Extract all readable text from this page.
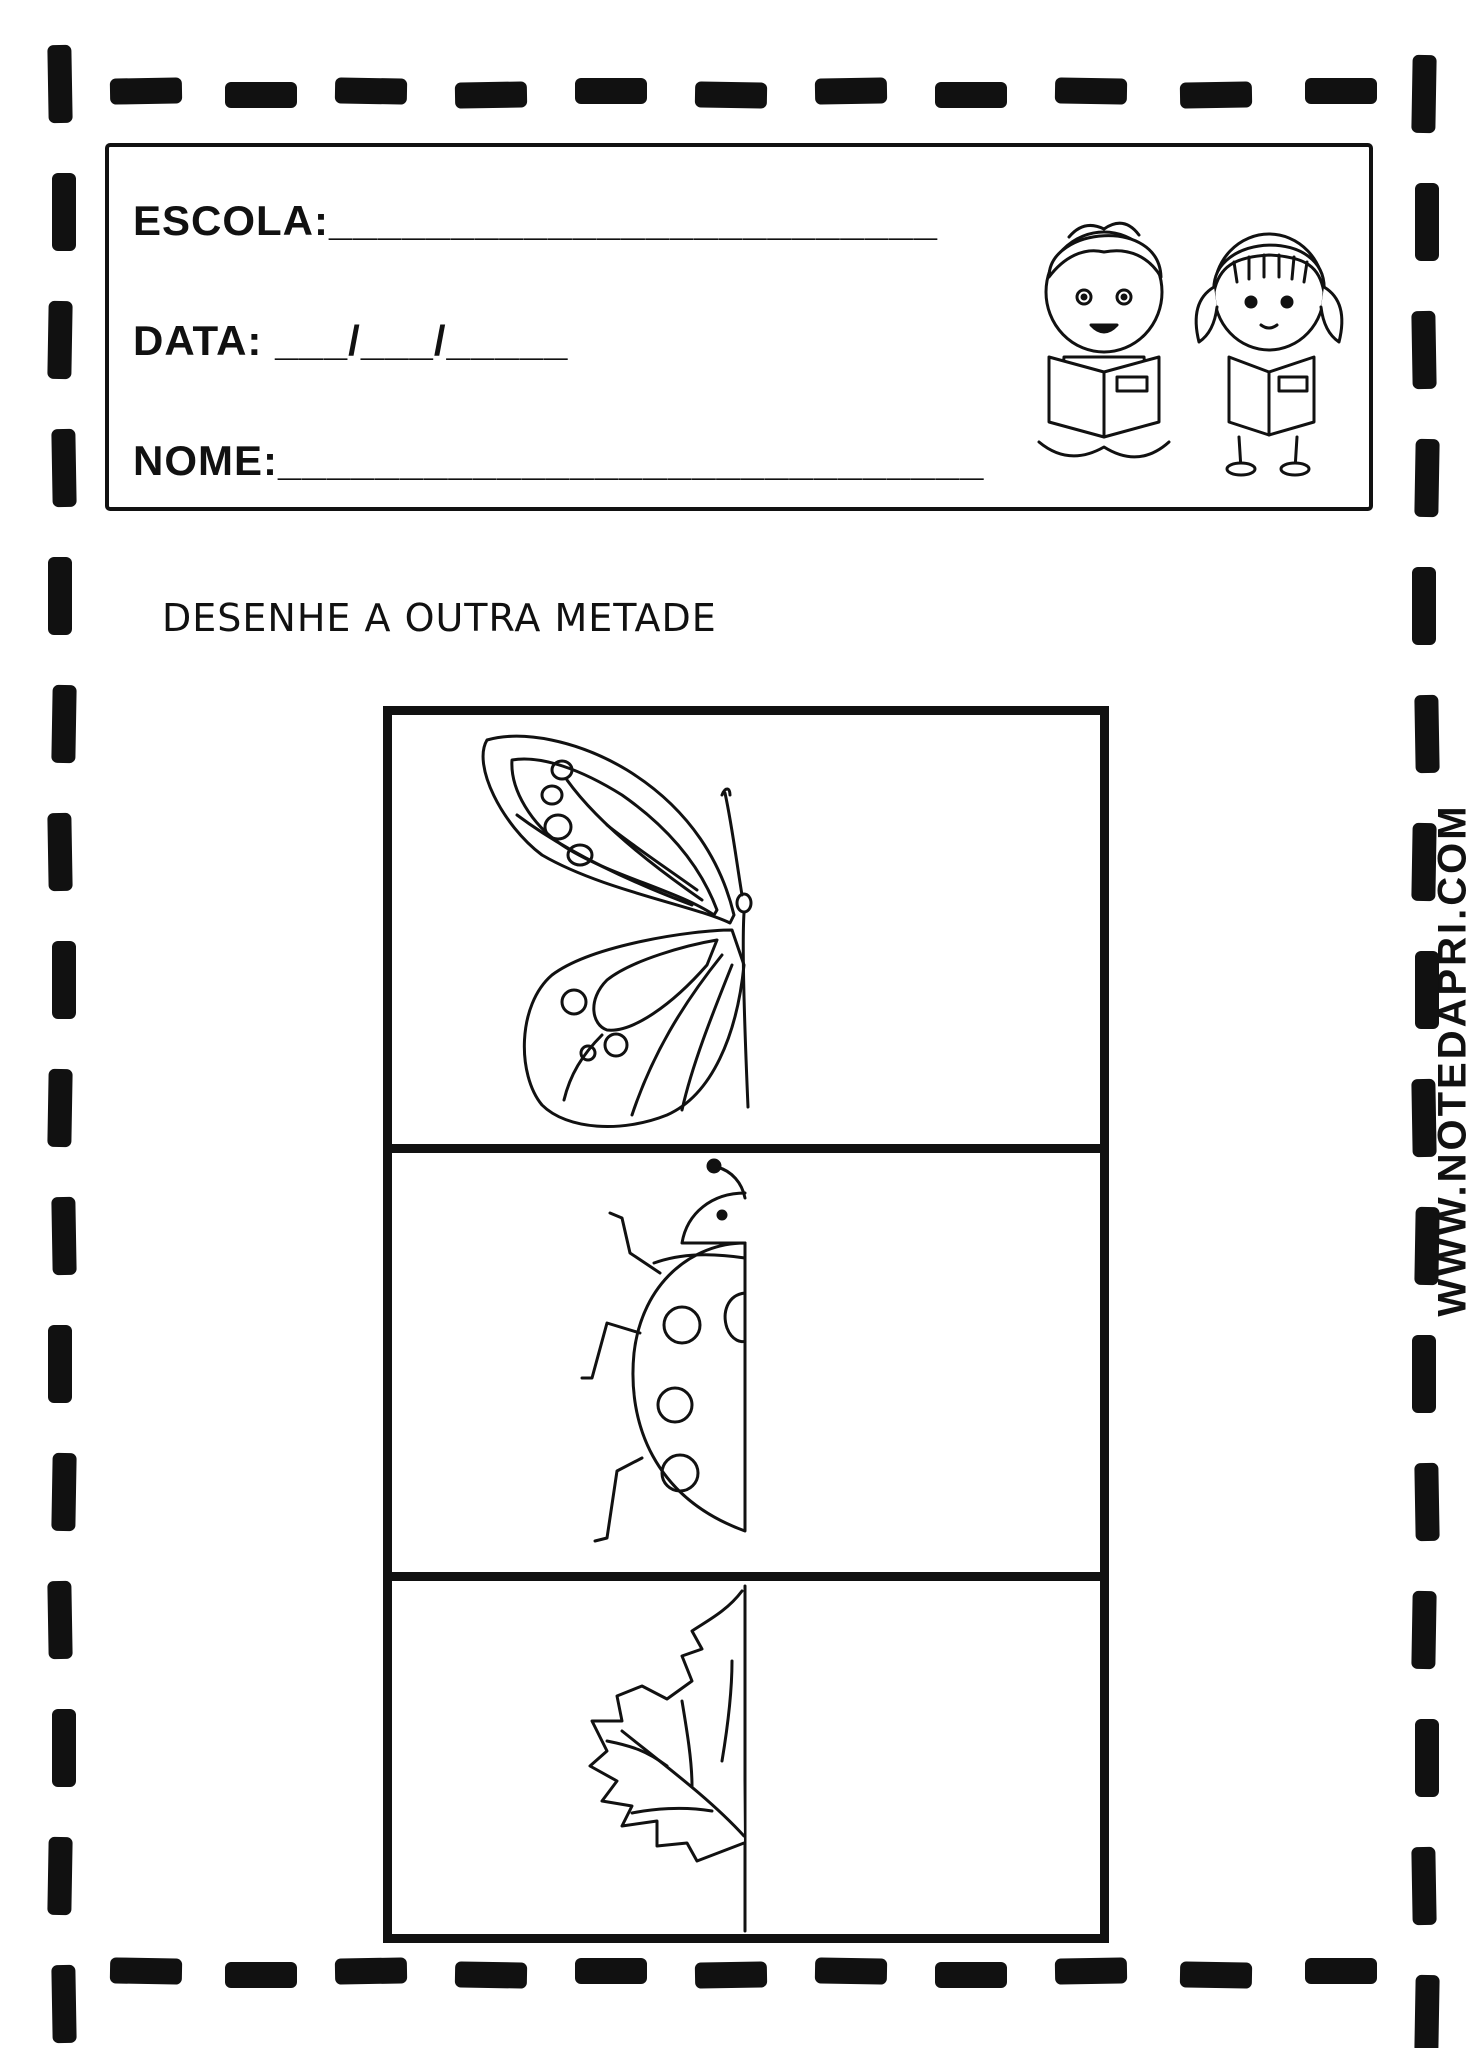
ESCOLA:_________________________
DATA: ___/___/_____
NOME:_____________________________
DESENHE A OUTRA METADE
WWW.NOTEDAPRI.COM
